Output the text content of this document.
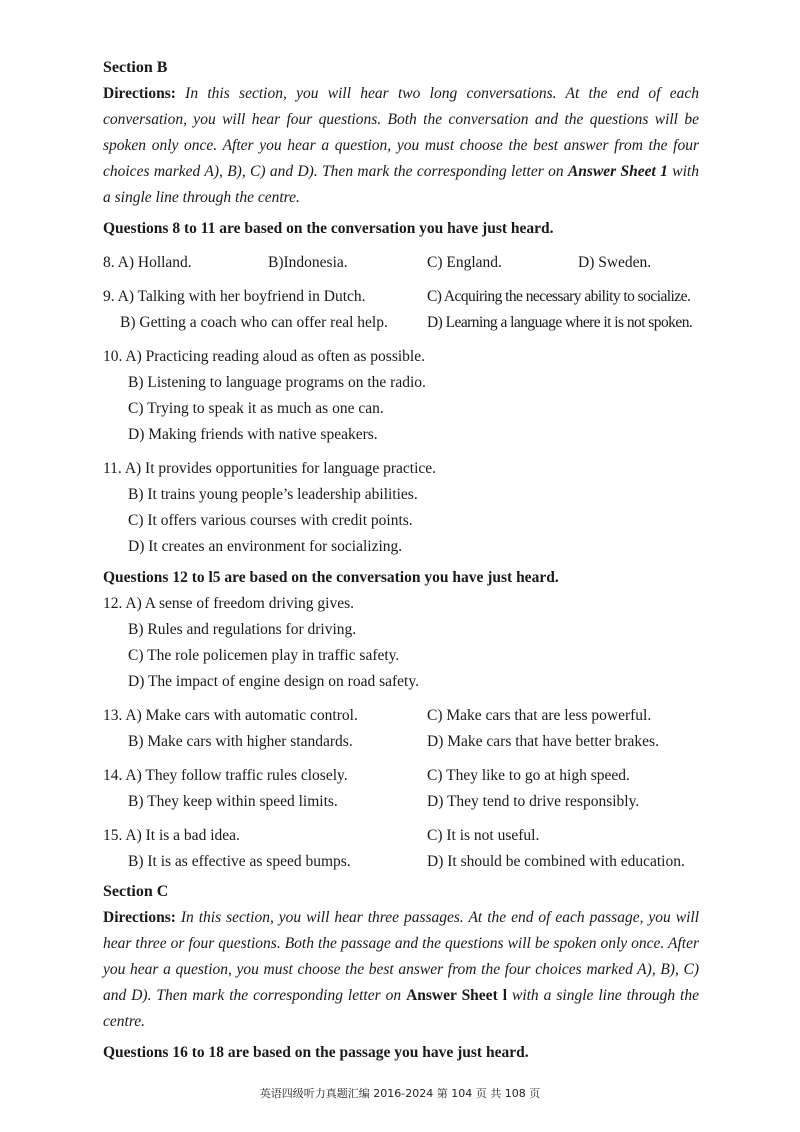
Section B

Directions: In this section, you will hear two long conversations. At the end of each conversation, you will hear four questions. Both the conversation and the questions will be spoken only once. After you hear a question, you must choose the best answer from the four choices marked A), B), C) and D). Then mark the corresponding letter on Answer Sheet 1 with a single line through the centre.

Questions 8 to 11 are based on the conversation you have just heard.
8. A) Holland.	B)Indonesia.	C) England.	D) Sweden.
9. A) Talking with her boyfriend in Dutch.	C) Acquiring the necessary ability to socialize.
B) Getting a coach who can offer real help.	D) Learning a language where it is not spoken.
10. A) Practicing reading aloud as often as possible.
B) Listening to language programs on the radio.
C) Trying to speak it as much as one can.
D) Making friends with native speakers.
11. A) It provides opportunities for language practice.
B) It trains young people’s leadership abilities.
C) It offers various courses with credit points.
D) It creates an environment for socializing.
Questions 12 to l5 are based on the conversation you have just heard.
12. A) A sense of freedom driving gives.
B) Rules and regulations for driving.
C) The role policemen play in traffic safety.
D) The impact of engine design on road safety.
13. A) Make cars with automatic control.	C) Make cars that are less powerful.
B) Make cars with higher standards.	D) Make cars that have better brakes.
14. A) They follow traffic rules closely.	C) They like to go at high speed.
B) They keep within speed limits.	D) They tend to drive responsibly.
15. A) It is a bad idea.	C) It is not useful.
B) It is as effective as speed bumps.	D) It should be combined with education.
Section C

Directions: In this section, you will hear three passages. At the end of each passage, you will hear three or four questions. Both the passage and the questions will be spoken only once. After you hear a question, you must choose the best answer from the four choices marked A), B), C) and D). Then mark the corresponding letter on Answer Sheet l with a single line through the centre.

Questions 16 to 18 are based on the passage you have just heard.
英语四级听力真题汇编 2016-2024 第 104 页 共 108 页
